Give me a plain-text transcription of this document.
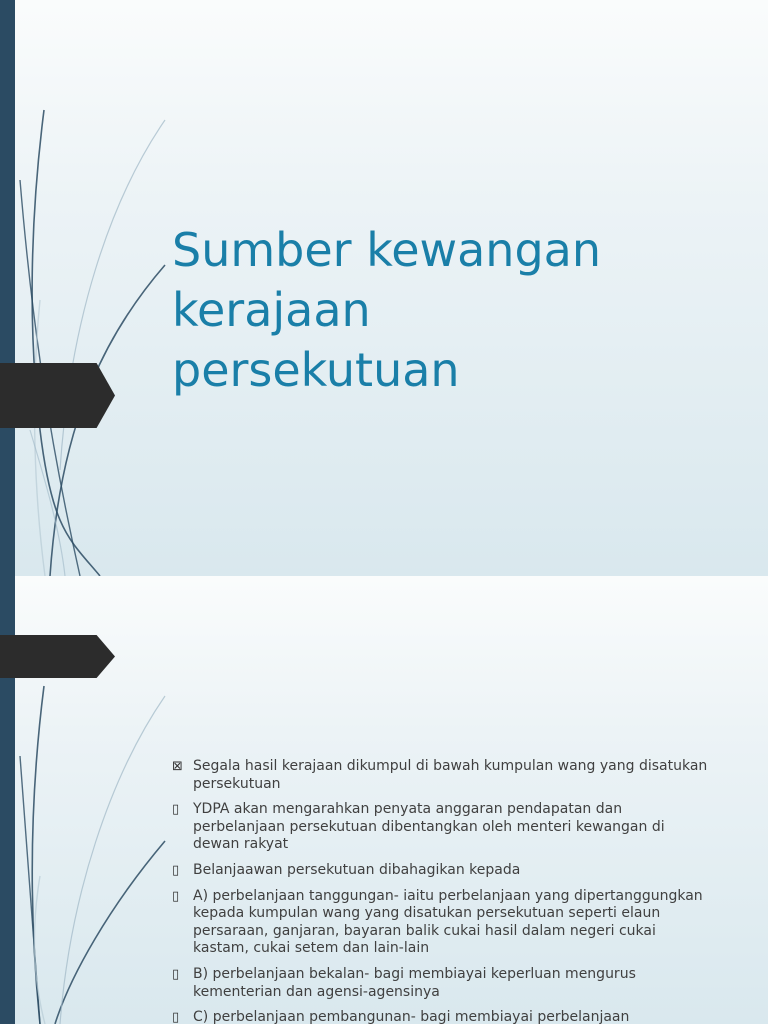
Sumber kewangan
kerajaan
persekutuan
⊠ Segala hasil kerajaan dikumpul di bawah kumpulan wang yang disatukan persekutuan
▯ YDPA akan mengarahkan penyata anggaran pendapatan dan perbelanjaan persekutuan dibentangkan oleh menteri kewangan di dewan rakyat
▯ Belanjaawan persekutuan dibahagikan kepada
▯ A) perbelanjaan tanggungan- iaitu perbelanjaan yang dipertanggungkan kepada kumpulan wang yang disatukan persekutuan seperti elaun persaraan, ganjaran, bayaran balik cukai hasil dalam negeri cukai kastam, cukai setem dan lain-lain
▯ B) perbelanjaan bekalan- bagi membiayai keperluan mengurus kementerian dan agensi-agensinya
▯ C) perbelanjaan pembangunan- bagi membiayai perbelanjaan
